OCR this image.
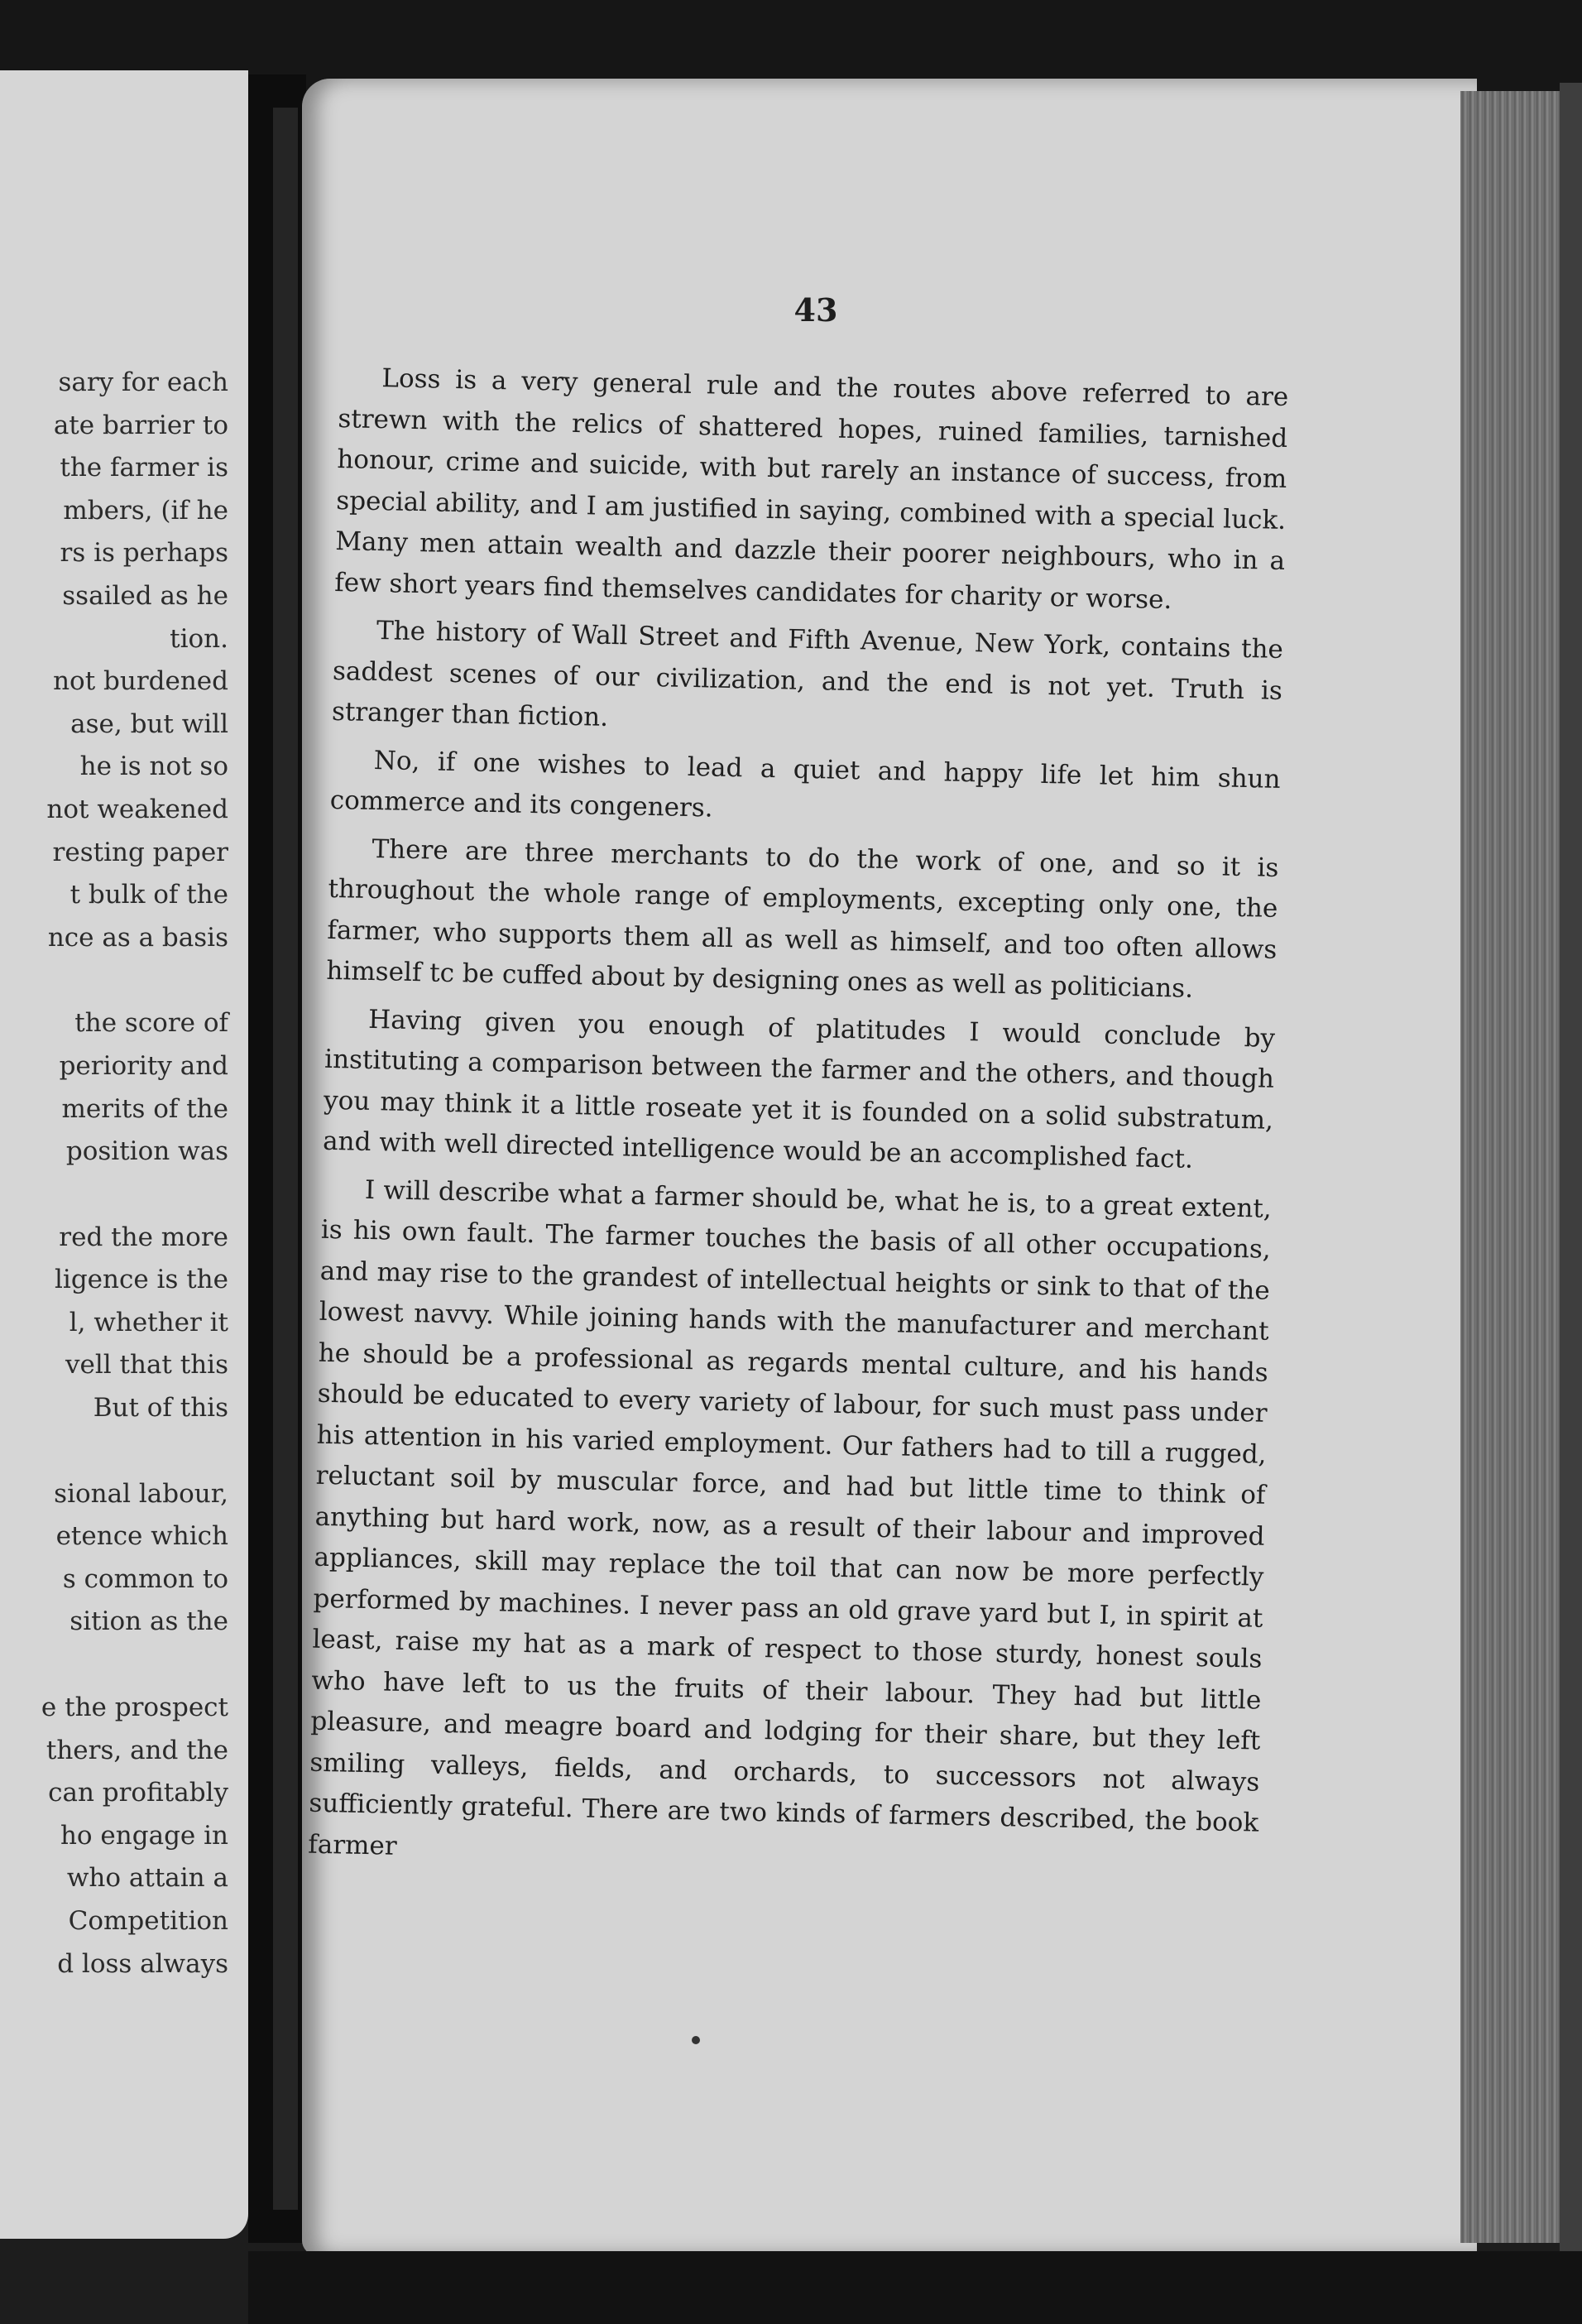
sary for each
ate barrier to
the farmer is
mbers, (if he
rs is perhaps
ssailed as he
tion.
not burdened
ase, but will
he is not so
not weakened
resting paper
t bulk of the
nce as a basis
the score of
periority and
merits of the
position was
red the more
ligence is the
l, whether it
vell that this
But of this
sional labour,
etence which
s common to
sition as the
e the prospect
thers, and the
can profitably
ho engage in
who attain a
Competition
d loss always
43

Loss is a very general rule and the routes above referred to are strewn with the relics of shattered hopes, ruined families, tarnished honour, crime and suicide, with but rarely an instance of success, from special ability, and I am justified in saying, combined with a special luck. Many men attain wealth and dazzle their poorer neighbours, who in a few short years find themselves candidates for charity or worse.

The history of Wall Street and Fifth Avenue, New York, contains the saddest scenes of our civilization, and the end is not yet. Truth is stranger than fiction.

No, if one wishes to lead a quiet and happy life let him shun commerce and its congeners.

There are three merchants to do the work of one, and so it is throughout the whole range of employments, excepting only one, the farmer, who supports them all as well as himself, and too often allows himself tc be cuffed about by designing ones as well as politicians.

Having given you enough of platitudes I would conclude by instituting a comparison between the farmer and the others, and though you may think it a little roseate yet it is founded on a solid substratum, and with well directed intelligence would be an accomplished fact.

I will describe what a farmer should be, what he is, to a great extent, is his own fault. The farmer touches the basis of all other occupations, and may rise to the grandest of intellectual heights or sink to that of the lowest navvy. While joining hands with the manufacturer and merchant he should be a professional as regards mental culture, and his hands should be educated to every variety of labour, for such must pass under his attention in his varied employment. Our fathers had to till a rugged, reluctant soil by muscular force, and had but little time to think of anything but hard work, now, as a result of their labour and improved appliances, skill may replace the toil that can now be more perfectly performed by machines. I never pass an old grave yard but I, in spirit at least, raise my hat as a mark of respect to those sturdy, honest souls who have left to us the fruits of their labour. They had but little pleasure, and meagre board and lodging for their share, but they left smiling valleys, fields, and orchards, to successors not always sufficiently grateful. There are two kinds of farmers described, the book farmer
